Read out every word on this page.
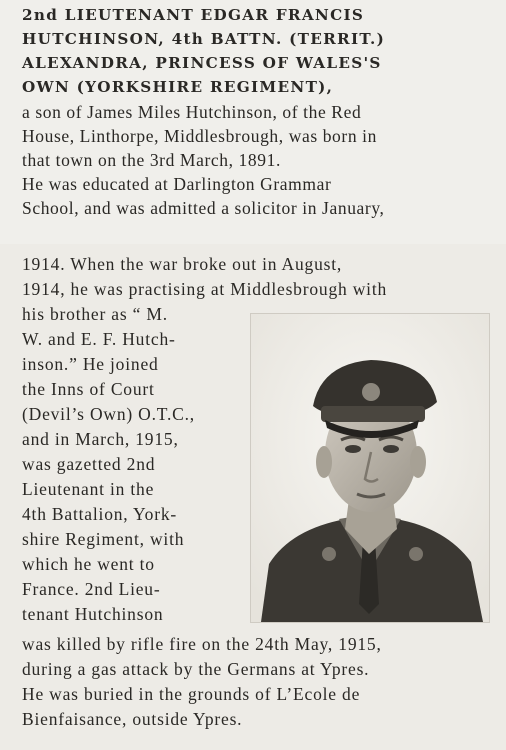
2nd LIEUTENANT EDGAR FRANCIS
HUTCHINSON, 4th BATTN. (TERRIT.)
ALEXANDRA, PRINCESS OF WALES'S
OWN (YORKSHIRE REGIMENT),
a son of James Miles Hutchinson, of the Red
House, Linthorpe, Middlesbrough, was born in
that town on the 3rd March, 1891.
He was educated at Darlington Grammar
School, and was admitted a solicitor in January,
1914. When the war broke out in August,
1914, he was practising at Middlesbrough with
his brother as “ M.
W. and E. F. Hutch-
inson.” He joined
the Inns of Court
(Devil’s Own) O.T.C.,
and in March, 1915,
was gazetted 2nd
Lieutenant in the
4th Battalion, York-
shire Regiment, with
which he went to
France. 2nd Lieu-
tenant Hutchinson
was killed by rifle fire on the 24th May, 1915,
during a gas attack by the Germans at Ypres.
He was buried in the grounds of L’Ecole de
Bienfaisance, outside Ypres.
